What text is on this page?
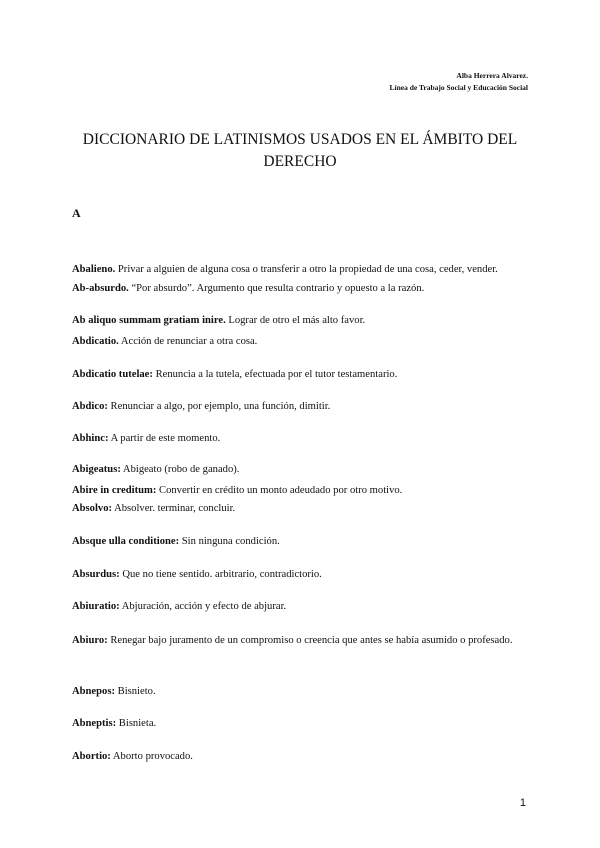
Alba Herrera Alvarez.
Línea de Trabajo Social y Educación Social
DICCIONARIO DE LATINISMOS USADOS EN EL ÁMBITO DEL DERECHO
A
Abalieno. Privar a alguien de alguna cosa o transferir a otro la propiedad de una cosa, ceder, vender.
Ab-absurdo. “Por absurdo”. Argumento que resulta contrario y opuesto a la razón.
Ab aliquo summam gratiam inire. Lograr de otro el más alto favor.
Abdicatio. Acción de renunciar a otra cosa.
Abdicatio tutelae: Renuncia a la tutela, efectuada por el tutor testamentario.
Abdico: Renunciar a algo, por ejemplo, una función, dimitir.
Abhinc: A partir de este momento.
Abigeatus: Abigeato (robo de ganado).
Abire in creditum: Convertir en crédito un monto adeudado por otro motivo.
Absolvo: Absolver. terminar, concluir.
Absque ulla conditione: Sin ninguna condición.
Absurdus: Que no tiene sentido. arbitrario, contradictorio.
Abiuratio: Abjuración, acción y efecto de abjurar.
Abiuro: Renegar bajo juramento de un compromiso o creencia que antes se había asumido o profesado.
Abnepos: Bisnieto.
Abneptis: Bisnieta.
Abortio: Aborto provocado.
1
